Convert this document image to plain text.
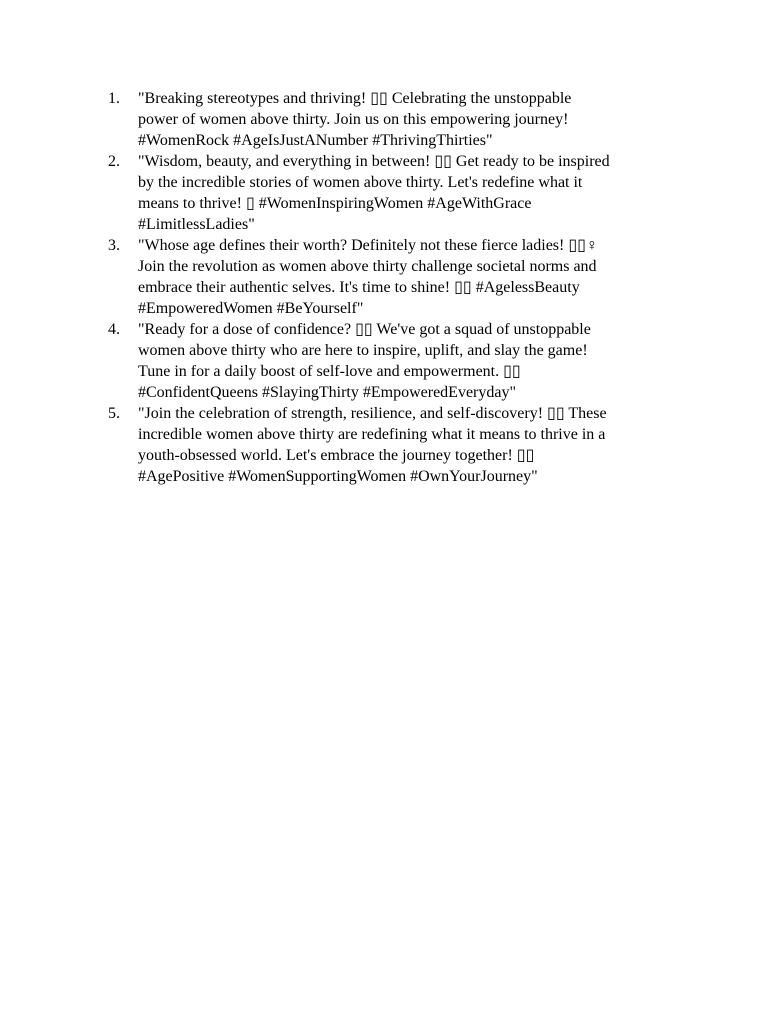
1. "Breaking stereotypes and thriving! ▯▯ Celebrating the unstoppable
power of women above thirty. Join us on this empowering journey!
#WomenRock #AgeIsJustANumber #ThrivingThirties"
2. "Wisdom, beauty, and everything in between! ▯▯ Get ready to be inspired
by the incredible stories of women above thirty. Let's redefine what it
means to thrive! ▯ #WomenInspiringWomen #AgeWithGrace
#LimitlessLadies"
3. "Whose age defines their worth? Definitely not these fierce ladies! ▯▯♀
Join the revolution as women above thirty challenge societal norms and
embrace their authentic selves. It's time to shine! ▯▯ #AgelessBeauty
#EmpoweredWomen #BeYourself"
4. "Ready for a dose of confidence? ▯▯ We've got a squad of unstoppable
women above thirty who are here to inspire, uplift, and slay the game!
Tune in for a daily boost of self-love and empowerment. ▯▯
#ConfidentQueens #SlayingThirty #EmpoweredEveryday"
5. "Join the celebration of strength, resilience, and self-discovery! ▯▯ These
incredible women above thirty are redefining what it means to thrive in a
youth-obsessed world. Let's embrace the journey together! ▯▯
#AgePositive #WomenSupportingWomen #OwnYourJourney"
